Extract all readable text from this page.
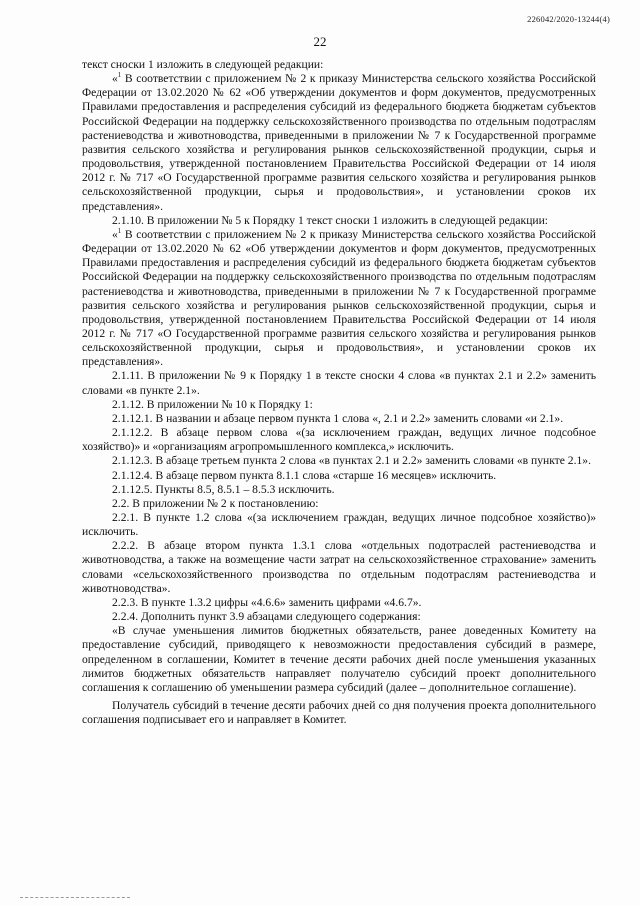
226042/2020-13244(4)
22

текст сноски 1 изложить в следующей редакции:

«$^1$ В соответствии с приложением № 2 к приказу Министерства сельского хозяйства Российской Федерации от 13.02.2020 № 62 «Об утверждении документов и форм документов, предусмотренных Правилами предоставления и распределения субсидий из федерального бюджета бюджетам субъектов Российской Федерации на поддержку сельскохозяйственного производства по отдельным подотраслям растениеводства и животноводства, приведенными в приложении № 7 к Государственной программе развития сельского хозяйства и регулирования рынков сельскохозяйственной продукции, сырья и продовольствия, утвержденной постановлением Правительства Российской Федерации от 14 июля 2012 г. № 717 «О Государственной программе развития сельского хозяйства и регулирования рынков сельскохозяйственной продукции, сырья и продовольствия», и установлении сроков их представления».

2.1.10. В приложении № 5 к Порядку 1 текст сноски 1 изложить в следующей редакции:

«$^1$ В соответствии с приложением № 2 к приказу Министерства сельского хозяйства Российской Федерации от 13.02.2020 № 62 «Об утверждении документов и форм документов, предусмотренных Правилами предоставления и распределения субсидий из федерального бюджета бюджетам субъектов Российской Федерации на поддержку сельскохозяйственного производства по отдельным подотраслям растениеводства и животноводства, приведенными в приложении № 7 к Государственной программе развития сельского хозяйства и регулирования рынков сельскохозяйственной продукции, сырья и продовольствия, утвержденной постановлением Правительства Российской Федерации от 14 июля 2012 г. № 717 «О Государственной программе развития сельского хозяйства и регулирования рынков сельскохозяйственной продукции, сырья и продовольствия», и установлении сроков их представления».

2.1.11. В приложении № 9 к Порядку 1 в тексте сноски 4 слова «в пунктах 2.1 и 2.2» заменить словами «в пункте 2.1».

2.1.12. В приложении № 10 к Порядку 1:

2.1.12.1. В названии и абзаце первом пункта 1 слова «, 2.1 и 2.2» заменить словами «и 2.1».

2.1.12.2. В абзаце первом слова «(за исключением граждан, ведущих личное подсобное хозяйство)» и «организациям агропромышленного комплекса,» исключить.

2.1.12.3. В абзаце третьем пункта 2 слова «в пунктах 2.1 и 2.2» заменить словами «в пункте 2.1».

2.1.12.4. В абзаце первом пункта 8.1.1 слова «старше 16 месяцев» исключить.

2.1.12.5. Пункты 8.5, 8.5.1 – 8.5.3 исключить.

2.2. В приложении № 2 к постановлению:

2.2.1. В пункте 1.2 слова «(за исключением граждан, ведущих личное подсобное хозяйство)» исключить.

2.2.2. В абзаце втором пункта 1.3.1 слова «отдельных подотраслей растениеводства и животноводства, а также на возмещение части затрат на сельскохозяйственное страхование» заменить словами «сельскохозяйственного производства по отдельным подотраслям растениеводства и животноводства».

2.2.3. В пункте 1.3.2 цифры «4.6.6» заменить цифрами «4.6.7».

2.2.4. Дополнить пункт 3.9 абзацами следующего содержания:

«В случае уменьшения лимитов бюджетных обязательств, ранее доведенных Комитету на предоставление субсидий, приводящего к невозможности предоставления субсидий в размере, определенном в соглашении, Комитет в течение десяти рабочих дней после уменьшения указанных лимитов бюджетных обязательств направляет получателю субсидий проект дополнительного соглашения к соглашению об уменьшении размера субсидий (далее – дополнительное соглашение).

Получатель субсидий в течение десяти рабочих дней со дня получения проекта дополнительного соглашения подписывает его и направляет в Комитет.
